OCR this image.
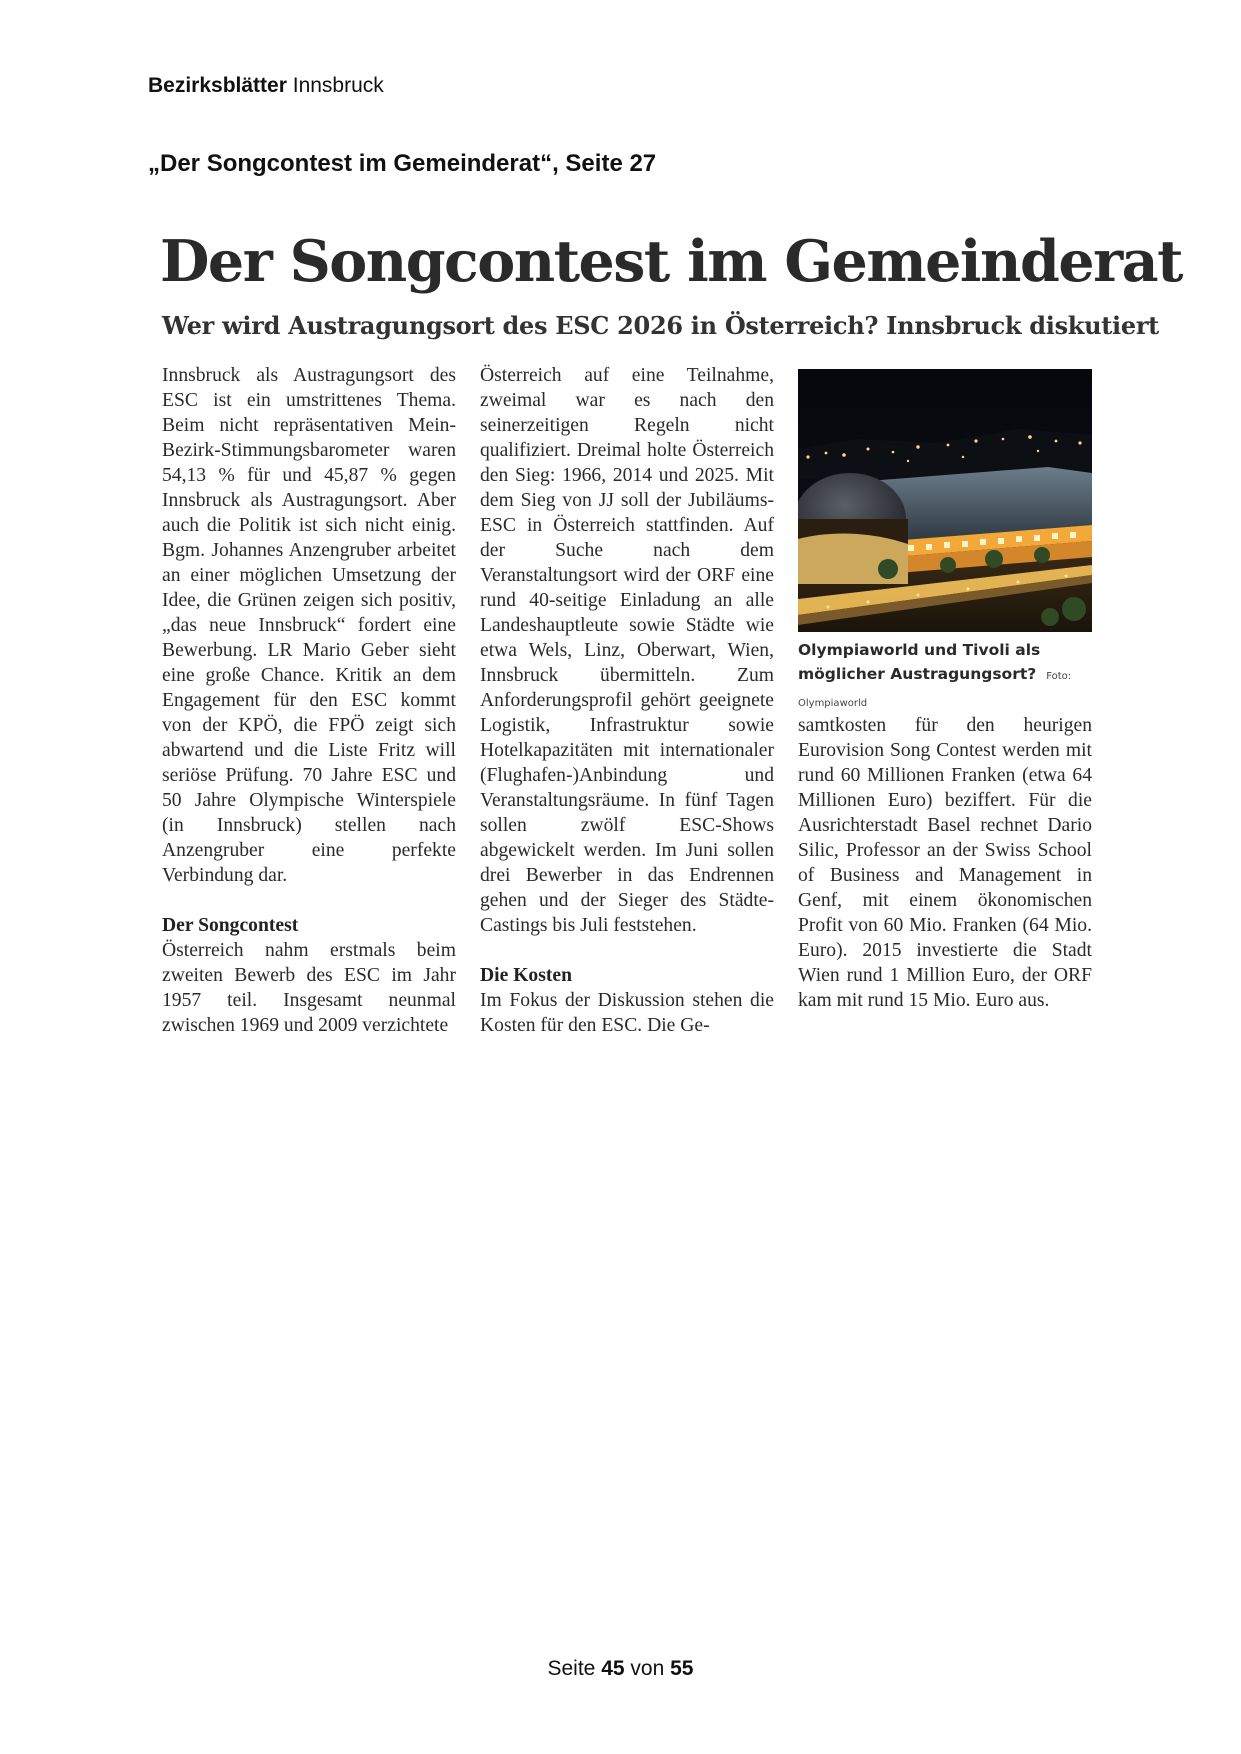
Bezirksblätter Innsbruck
„Der Songcontest im Gemeinderat“, Seite 27
Der Songcontest im Gemeinderat
Wer wird Austragungsort des ESC 2026 in Österreich? Innsbruck diskutiert

Innsbruck als Austragungsort des ESC ist ein umstrittenes Thema. Beim nicht repräsentativen Mein-Bezirk-Stimmungsbarometer waren 54,13 % für und 45,87 % gegen Innsbruck als Austragungsort. Aber auch die Politik ist sich nicht einig. Bgm. Johannes Anzengruber arbeitet an einer möglichen Umsetzung der Idee, die Grünen zeigen sich positiv, „das neue Innsbruck“ fordert eine Bewerbung. LR Mario Geber sieht eine große Chance. Kritik an dem Engagement für den ESC kommt von der KPÖ, die FPÖ zeigt sich abwartend und die Liste Fritz will seriöse Prüfung. 70 Jahre ESC und 50 Jahre Olympische Winterspiele (in Innsbruck) stellen nach Anzengruber eine perfekte Verbindung dar.

Der Songcontest

Österreich nahm erstmals beim zweiten Bewerb des ESC im Jahr 1957 teil. Insgesamt neunmal zwischen 1969 und 2009 verzichtete

Österreich auf eine Teilnahme, zweimal war es nach den seinerzeitigen Regeln nicht qualifiziert. Dreimal holte Österreich den Sieg: 1966, 2014 und 2025. Mit dem Sieg von JJ soll der Jubiläums-ESC in Österreich stattfinden. Auf der Suche nach dem Veranstaltungsort wird der ORF eine rund 40-seitige Einladung an alle Landeshauptleute sowie Städte wie etwa Wels, Linz, Oberwart, Wien, Innsbruck übermitteln. Zum Anforderungsprofil gehört geeignete Logistik, Infrastruktur sowie Hotelkapazitäten mit internationaler (Flughafen-)Anbindung und Veranstaltungsräume. In fünf Tagen sollen zwölf ESC-Shows abgewickelt werden. Im Juni sollen drei Bewerber in das Endrennen gehen und der Sieger des Städte-Castings bis Juli feststehen.

Die Kosten

Im Fokus der Diskussion stehen die Kosten für den ESC. Die Ge-

Olympiaworld und Tivoli als möglicher Austragungsort? Foto: Olympiaworld

samtkosten für den heurigen Eurovision Song Contest werden mit rund 60 Millionen Franken (etwa 64 Millionen Euro) beziffert. Für die Ausrichterstadt Basel rechnet Dario Silic, Professor an der Swiss School of Business and Management in Genf, mit einem ökonomischen Profit von 60 Mio. Franken (64 Mio. Euro). 2015 investierte die Stadt Wien rund 1 Million Euro, der ORF kam mit rund 15 Mio. Euro aus.

Seite 45 von 55
